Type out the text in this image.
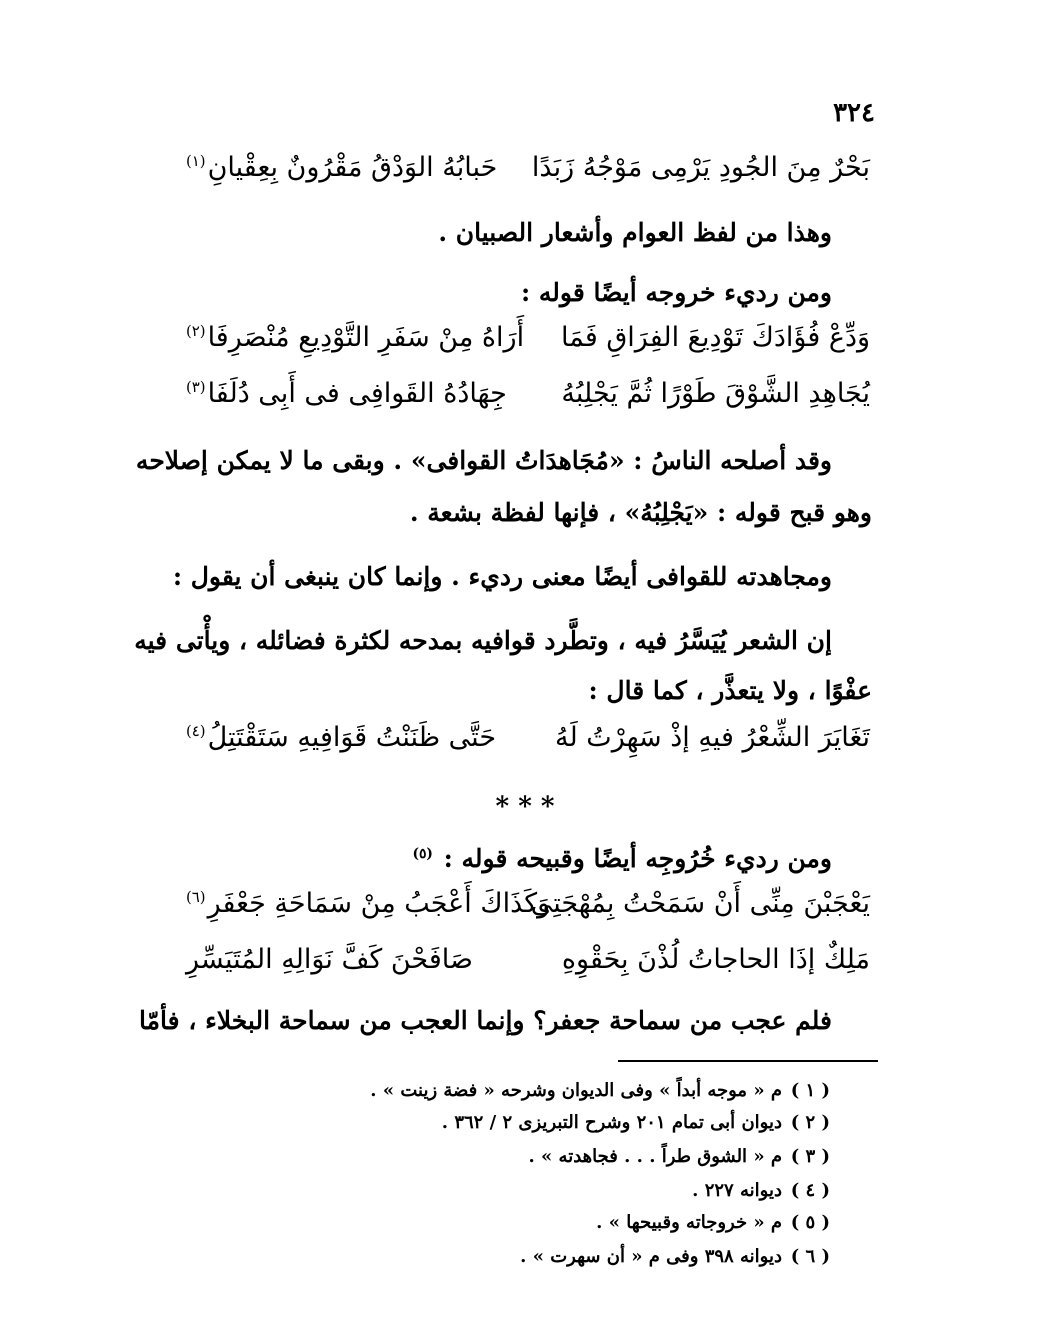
٣٢٤
بَحْرٌ مِنَ الجُودِ يَرْمِى مَوْجُهُ زَبَدًا
حَبابُهُ الوَدْقُ مَقْرُونٌ بِعِقْيانِ$^{(١)}$
وهذا من لفظ العوام وأشعار الصبيان .
ومن رديء خروجه أيضًا قوله :
وَدِّعْ فُؤَادَكَ تَوْدِيعَ الفِرَاقِ فَمَا
أَرَاهُ مِنْ سَفَرِ التَّوْدِيعِ مُنْصَرِفَا$^{(٢)}$
يُجَاهِدِ الشَّوْقَ طَوْرًا ثُمَّ يَجْلِبُهُ
جِهَادُهُ القَوافِى فى أَبِى دُلَفَا$^{(٣)}$
وقد أصلحه الناسُ : «مُجَاهدَاتُ القوافى» . وبقى ما لا يمكن إصلاحه
وهو قبح قوله : «يَجْلِبُهُ» ، فإنها لفظة بشعة .
ومجاهدته للقوافى أيضًا معنى رديء . وإنما كان ينبغى أن يقول :
إن الشعر يُيَسَّرُ فيه ، وتطَّرد قوافيه بمدحه لكثرة فضائله ، ويأْتى فيه
عفْوًا ، ولا يتعذَّر ، كما قال :
تَغَايَرَ الشِّعْرُ فيهِ إذْ سَهِرْتُ لَهُ
حَتَّى ظَنَنْتُ قَوَافِيهِ سَتَقْتَتِلُ$^{(٤)}$
* * *
ومن رديء خُرُوجِه أيضًا وقبيحه قوله : $^{(٥)}$
يَعْجَبْنَ مِنِّى أَنْ سَمَحْتُ بِمُهْجَتِى
وَكَذَاكَ أَعْجَبُ مِنْ سَمَاحَةِ جَعْفَرِ$^{(٦)}$
مَلِكٌ إذَا الحاجاتُ لُذْنَ بِحَقْوِهِ
صَافَحْنَ كَفَّ نَوَالِهِ المُتَيَسِّرِ
فلم عجب من سماحة جعفر؟ وإنما العجب من سماحة البخلاء ، فأمّا
( ١ )م « موجه أبداً » وفى الديوان وشرحه « فضة زينت » .
( ٢ )ديوان أبى تمام ٢٠١ وشرح التبريزى ٢ / ٣٦٢ .
( ٣ )م « الشوق طراً . . . فجاهدته » .
( ٤ )ديوانه ٢٢٧ .
( ٥ )م « خروجاته وقبيحها » .
( ٦ )ديوانه ٣٩٨ وفى م « أن سهرت » .
